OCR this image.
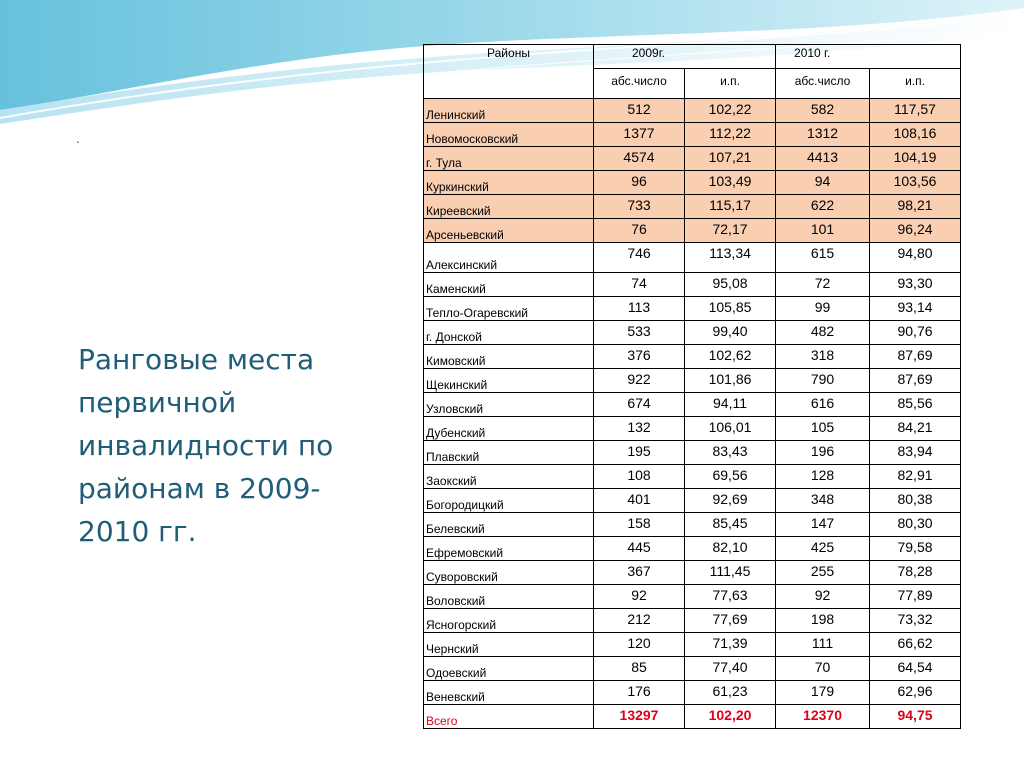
.
Ранговые места первичной инвалидности по районам в 2009-2010 гг.
Районы	2009г.		2010 г.	
	абс.число	и.п.	абс.число	и.п.
Ленинский	512	102,22	582	117,57
Новомосковский	1377	112,22	1312	108,16
г. Тула	4574	107,21	4413	104,19
Куркинский	96	103,49	94	103,56
Киреевский	733	115,17	622	98,21
Арсеньевский	76	72,17	101	96,24
Алексинский	746	113,34	615	94,80
Каменский	74	95,08	72	93,30
Тепло-Огаревский	113	105,85	99	93,14
г. Донской	533	99,40	482	90,76
Кимовский	376	102,62	318	87,69
Щекинский	922	101,86	790	87,69
Узловский	674	94,11	616	85,56
Дубенский	132	106,01	105	84,21
Плавский	195	83,43	196	83,94
Заокский	108	69,56	128	82,91
Богородицкий	401	92,69	348	80,38
Белевский	158	85,45	147	80,30
Ефремовский	445	82,10	425	79,58
Суворовский	367	111,45	255	78,28
Воловский	92	77,63	92	77,89
Ясногорский	212	77,69	198	73,32
Чернский	120	71,39	111	66,62
Одоевский	85	77,40	70	64,54
Веневский	176	61,23	179	62,96
Всего	13297	102,20	12370	94,75
